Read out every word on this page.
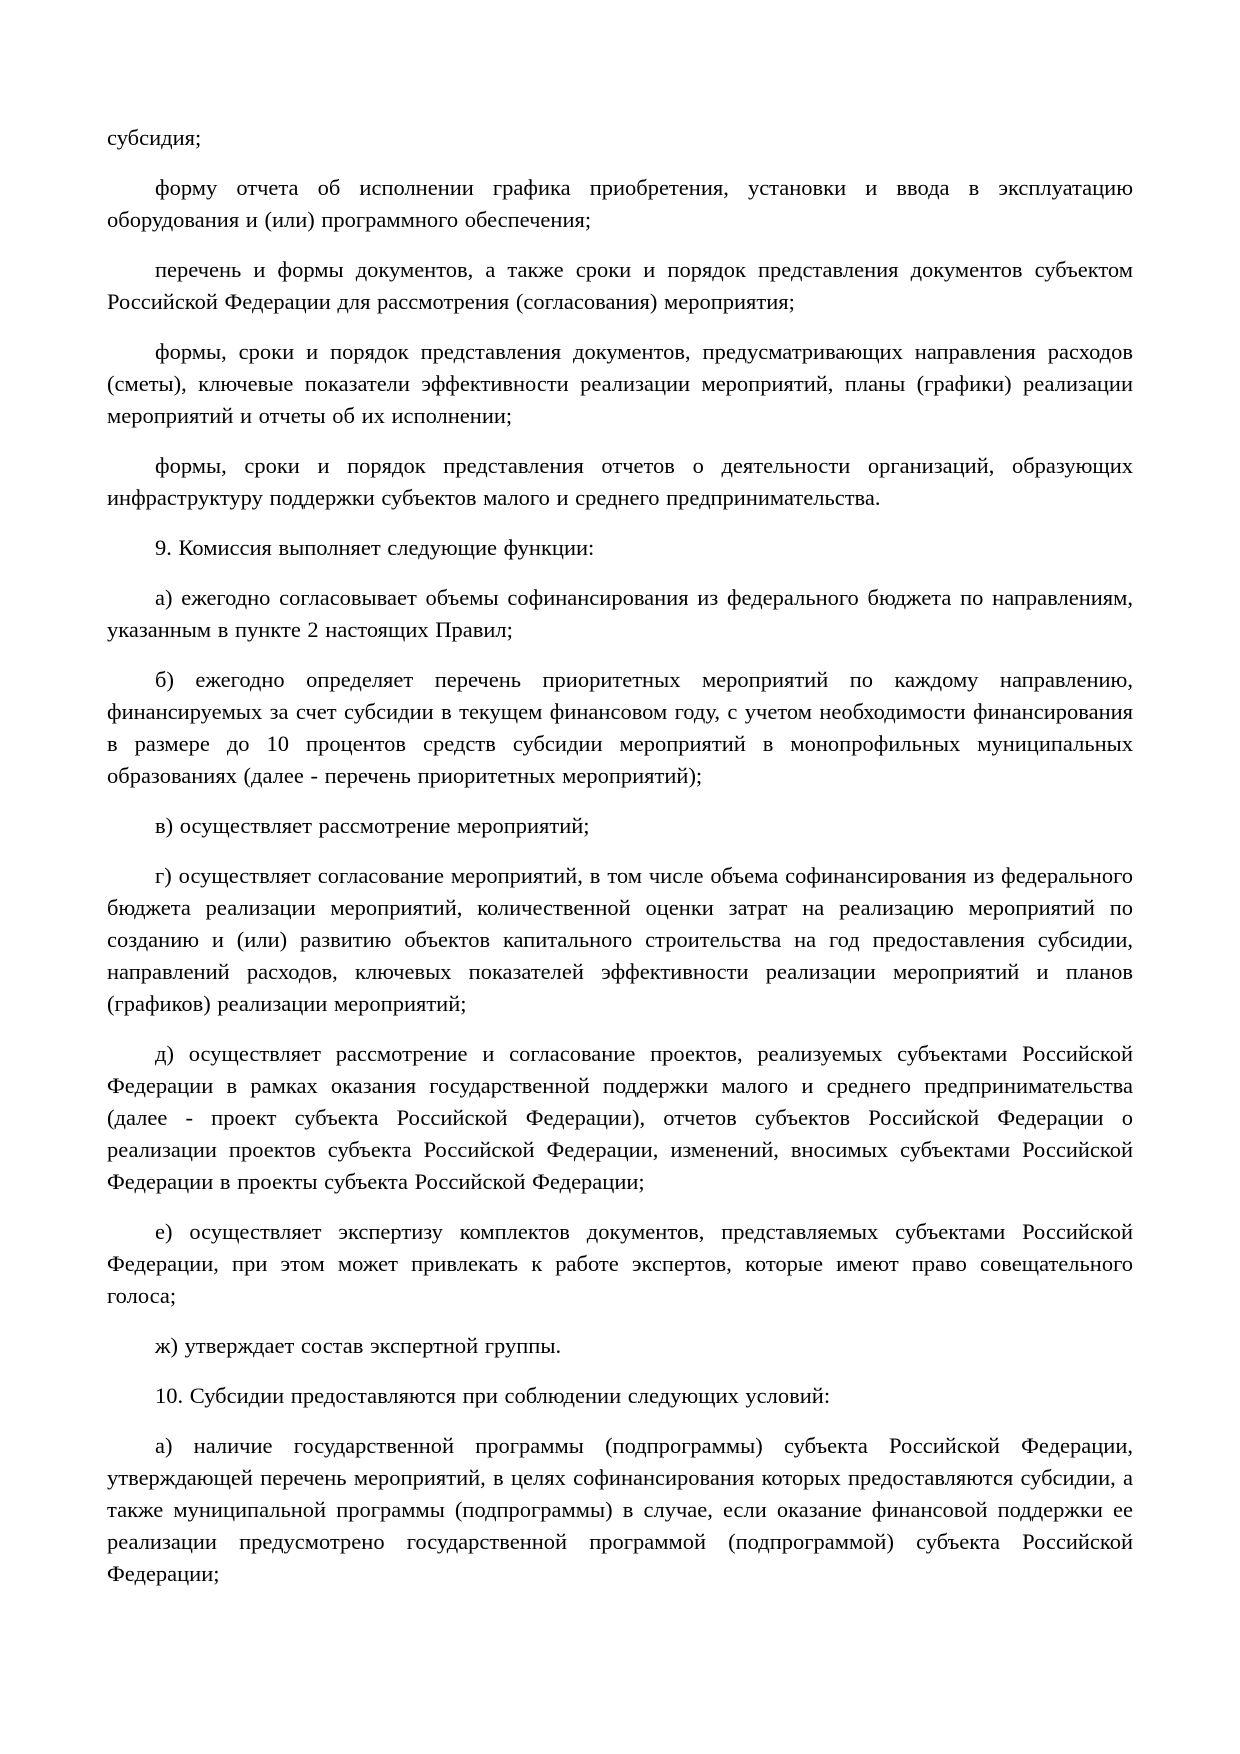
субсидия;

форму отчета об исполнении графика приобретения, установки и ввода в эксплуатацию оборудования и (или) программного обеспечения;

перечень и формы документов, а также сроки и порядок представления документов субъектом Российской Федерации для рассмотрения (согласования) мероприятия;

формы, сроки и порядок представления документов, предусматривающих направления расходов (сметы), ключевые показатели эффективности реализации мероприятий, планы (графики) реализации мероприятий и отчеты об их исполнении;

формы, сроки и порядок представления отчетов о деятельности организаций, образующих инфраструктуру поддержки субъектов малого и среднего предпринимательства.

9. Комиссия выполняет следующие функции:

а) ежегодно согласовывает объемы софинансирования из федерального бюджета по направлениям, указанным в пункте 2 настоящих Правил;

б) ежегодно определяет перечень приоритетных мероприятий по каждому направлению, финансируемых за счет субсидии в текущем финансовом году, с учетом необходимости финансирования в размере до 10 процентов средств субсидии мероприятий в монопрофильных муниципальных образованиях (далее - перечень приоритетных мероприятий);

в) осуществляет рассмотрение мероприятий;

г) осуществляет согласование мероприятий, в том числе объема софинансирования из федерального бюджета реализации мероприятий, количественной оценки затрат на реализацию мероприятий по созданию и (или) развитию объектов капитального строительства на год предоставления субсидии, направлений расходов, ключевых показателей эффективности реализации мероприятий и планов (графиков) реализации мероприятий;

д) осуществляет рассмотрение и согласование проектов, реализуемых субъектами Российской Федерации в рамках оказания государственной поддержки малого и среднего предпринимательства (далее - проект субъекта Российской Федерации), отчетов субъектов Российской Федерации о реализации проектов субъекта Российской Федерации, изменений, вносимых субъектами Российской Федерации в проекты субъекта Российской Федерации;

е) осуществляет экспертизу комплектов документов, представляемых субъектами Российской Федерации, при этом может привлекать к работе экспертов, которые имеют право совещательного голоса;

ж) утверждает состав экспертной группы.

10. Субсидии предоставляются при соблюдении следующих условий:

а) наличие государственной программы (подпрограммы) субъекта Российской Федерации, утверждающей перечень мероприятий, в целях софинансирования которых предоставляются субсидии, а также муниципальной программы (подпрограммы) в случае, если оказание финансовой поддержки ее реализации предусмотрено государственной программой (подпрограммой) субъекта Российской Федерации;
